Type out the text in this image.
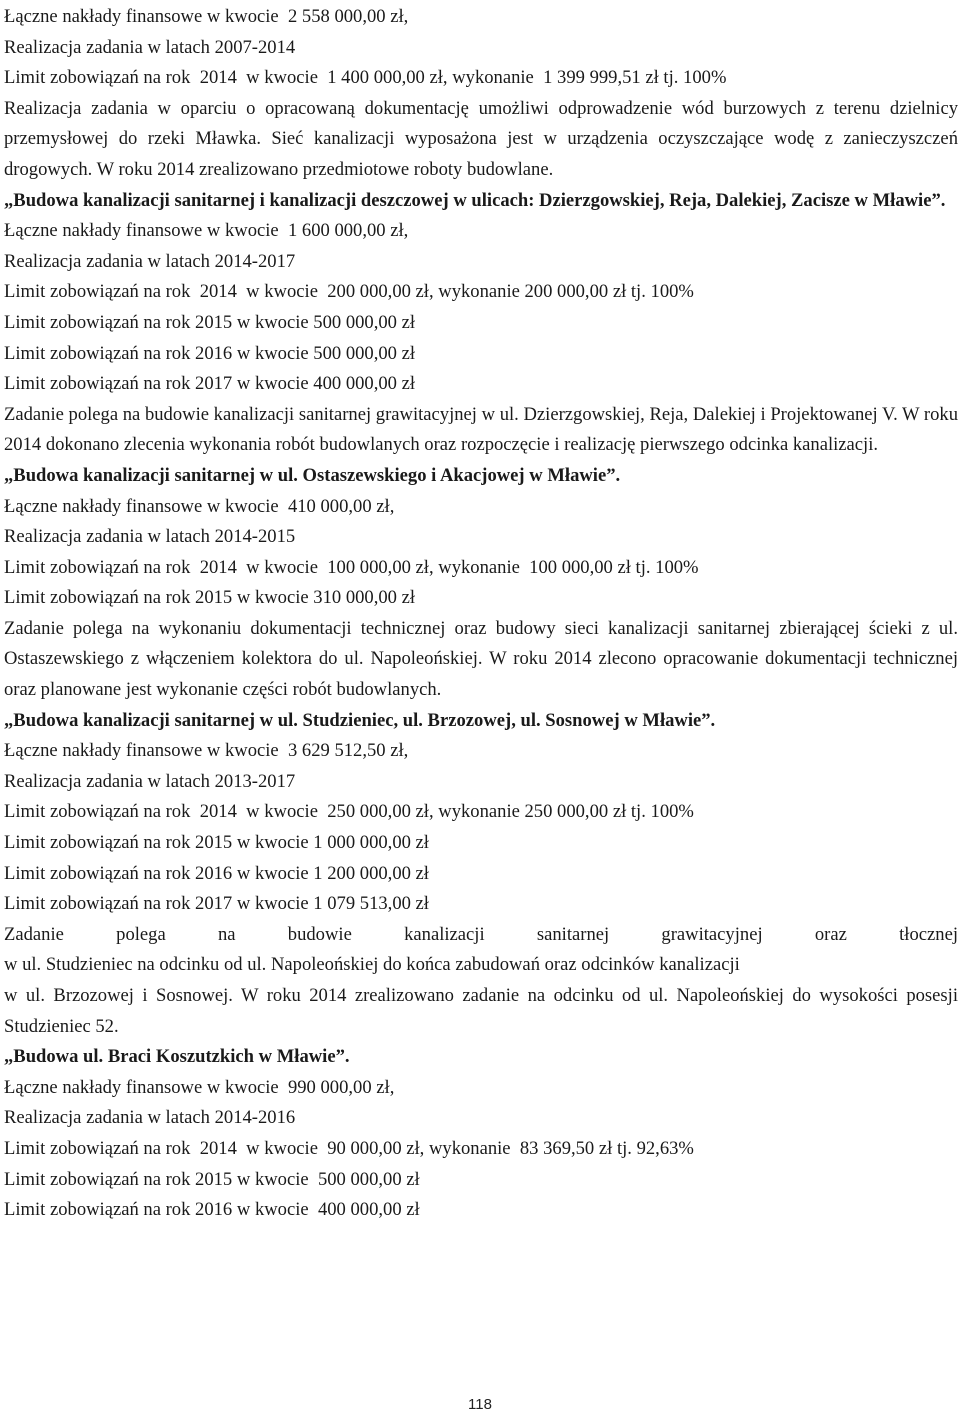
Łączne nakłady finansowe w kwocie  2 558 000,00 zł,
Realizacja zadania w latach 2007-2014
Limit zobowiązań na rok  2014  w kwocie  1 400 000,00 zł, wykonanie  1 399 999,51 zł tj. 100%
Realizacja zadania w oparciu o opracowaną dokumentację umożliwi odprowadzenie wód burzowych z terenu dzielnicy przemysłowej do rzeki Mławka. Sieć kanalizacji wyposażona jest w urządzenia oczyszczające wodę z zanieczyszczeń drogowych. W roku 2014 zrealizowano przedmiotowe roboty budowlane.
„Budowa kanalizacji sanitarnej i kanalizacji deszczowej w ulicach: Dzierzgowskiej, Reja, Dalekiej, Zacisze w Mławie”.
Łączne nakłady finansowe w kwocie  1 600 000,00 zł,
Realizacja zadania w latach 2014-2017
Limit zobowiązań na rok  2014  w kwocie  200 000,00 zł, wykonanie 200 000,00 zł tj. 100%
Limit zobowiązań na rok 2015 w kwocie 500 000,00 zł
Limit zobowiązań na rok 2016 w kwocie 500 000,00 zł
Limit zobowiązań na rok 2017 w kwocie 400 000,00 zł
Zadanie polega na budowie kanalizacji sanitarnej grawitacyjnej w ul. Dzierzgowskiej, Reja, Dalekiej i Projektowanej V. W roku 2014 dokonano zlecenia wykonania robót budowlanych oraz rozpoczęcie i realizację pierwszego odcinka kanalizacji.
„Budowa kanalizacji sanitarnej w ul. Ostaszewskiego i Akacjowej w Mławie”.
Łączne nakłady finansowe w kwocie  410 000,00 zł,
Realizacja zadania w latach 2014-2015
Limit zobowiązań na rok  2014  w kwocie  100 000,00 zł, wykonanie  100 000,00 zł tj. 100%
Limit zobowiązań na rok 2015 w kwocie 310 000,00 zł
Zadanie polega na wykonaniu dokumentacji technicznej oraz budowy sieci kanalizacji sanitarnej zbierającej ścieki z ul. Ostaszewskiego z włączeniem kolektora do ul. Napoleońskiej. W roku 2014 zlecono opracowanie dokumentacji technicznej oraz planowane jest wykonanie części robót budowlanych.
„Budowa kanalizacji sanitarnej w ul. Studzieniec, ul. Brzozowej, ul. Sosnowej w Mławie”.
Łączne nakłady finansowe w kwocie  3 629 512,50 zł,
Realizacja zadania w latach 2013-2017
Limit zobowiązań na rok  2014  w kwocie  250 000,00 zł, wykonanie 250 000,00 zł tj. 100%
Limit zobowiązań na rok 2015 w kwocie 1 000 000,00 zł
Limit zobowiązań na rok 2016 w kwocie 1 200 000,00 zł
Limit zobowiązań na rok 2017 w kwocie 1 079 513,00 zł
Zadanie polega na budowie kanalizacji sanitarnej grawitacyjnej oraz tłocznej
w ul. Studzieniec na odcinku od ul. Napoleońskiej do końca zabudowań oraz odcinków kanalizacji
w ul. Brzozowej i Sosnowej. W roku 2014 zrealizowano zadanie na odcinku od ul. Napoleońskiej do wysokości posesji Studzieniec 52.
„Budowa ul. Braci Koszutzkich w Mławie”.
Łączne nakłady finansowe w kwocie  990 000,00 zł,
Realizacja zadania w latach 2014-2016
Limit zobowiązań na rok  2014  w kwocie  90 000,00 zł, wykonanie  83 369,50 zł tj. 92,63%
Limit zobowiązań na rok 2015 w kwocie  500 000,00 zł
Limit zobowiązań na rok 2016 w kwocie  400 000,00 zł
118
